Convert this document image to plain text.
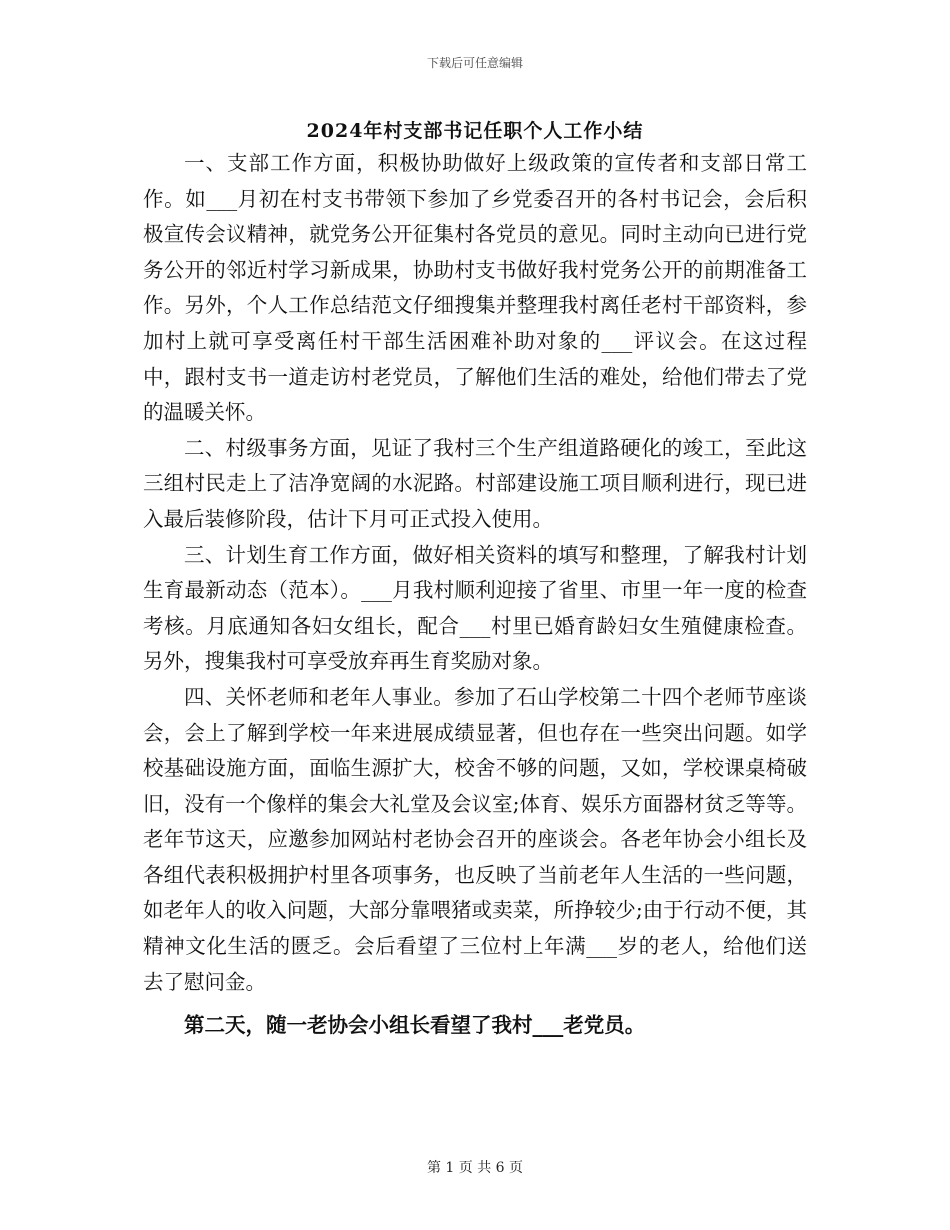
下载后可任意编辑
2024年村支部书记任职个人工作小结

一、支部工作方面，积极协助做好上级政策的宣传者和支部日常工作。如___月初在村支书带领下参加了乡党委召开的各村书记会，会后积极宣传会议精神，就党务公开征集村各党员的意见。同时主动向已进行党务公开的邻近村学习新成果，协助村支书做好我村党务公开的前期准备工作。另外，个人工作总结范文仔细搜集并整理我村离任老村干部资料，参加村上就可享受离任村干部生活困难补助对象的___评议会。在这过程中，跟村支书一道走访村老党员，了解他们生活的难处，给他们带去了党的温暖关怀。

二、村级事务方面，见证了我村三个生产组道路硬化的竣工，至此这三组村民走上了洁净宽阔的水泥路。村部建设施工项目顺利进行，现已进入最后装修阶段，估计下月可正式投入使用。

三、计划生育工作方面，做好相关资料的填写和整理，了解我村计划生育最新动态（范本）。___月我村顺利迎接了省里、市里一年一度的检查考核。月底通知各妇女组长，配合___村里已婚育龄妇女生殖健康检查。另外，搜集我村可享受放弃再生育奖励对象。

四、关怀老师和老年人事业。参加了石山学校第二十四个老师节座谈会，会上了解到学校一年来进展成绩显著，但也存在一些突出问题。如学校基础设施方面，面临生源扩大，校舍不够的问题，又如，学校课桌椅破旧，没有一个像样的集会大礼堂及会议室;体育、娱乐方面器材贫乏等等。老年节这天，应邀参加网站村老协会召开的座谈会。各老年协会小组长及各组代表积极拥护村里各项事务，也反映了当前老年人生活的一些问题，如老年人的收入问题，大部分靠喂猪或卖菜，所挣较少;由于行动不便，其精神文化生活的匮乏。会后看望了三位村上年满___岁的老人，给他们送去了慰问金。

第二天，随一老协会小组长看望了我村___老党员。

第 1 页 共 6 页
